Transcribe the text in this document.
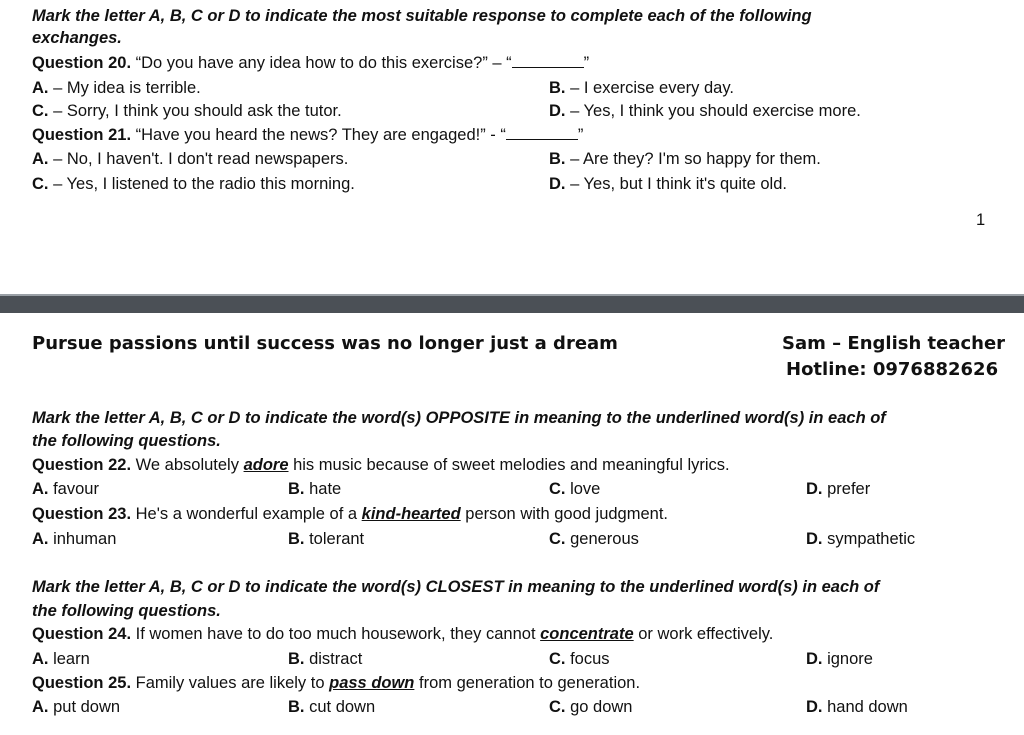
Mark the letter A, B, C or D to indicate the most suitable response to complete each of the following
exchanges.
Question 20. “Do you have any idea how to do this exercise?” – “	”
A. – My idea is terrible.	B. – I exercise every day.
C. – Sorry, I think you should ask the tutor.	D. – Yes, I think you should exercise more.
Question 21. “Have you heard the news? They are engaged!” - “	”
A. – No, I haven't. I don't read newspapers.	B. – Are they? I'm so happy for them.
C. – Yes, I listened to the radio this morning.	D. – Yes, but I think it's quite old.
1
Pursue passions until success was no longer just a dream	Sam – English teacher
Hotline: 0976882626
Mark the letter A, B, C or D to indicate the word(s) OPPOSITE in meaning to the underlined word(s) in each of
the following questions.
Question 22. We absolutely adore his music because of sweet melodies and meaningful lyrics.
A. favour	B. hate	C. love	D. prefer
Question 23. He's a wonderful example of a kind-hearted person with good judgment.
A. inhuman	B. tolerant	C. generous	D. sympathetic
Mark the letter A, B, C or D to indicate the word(s) CLOSEST in meaning to the underlined word(s) in each of
the following questions.
Question 24. If women have to do too much housework, they cannot concentrate or work effectively.
A. learn	B. distract	C. focus	D. ignore
Question 25. Family values are likely to pass down from generation to generation.
A. put down	B. cut down	C. go down	D. hand down
